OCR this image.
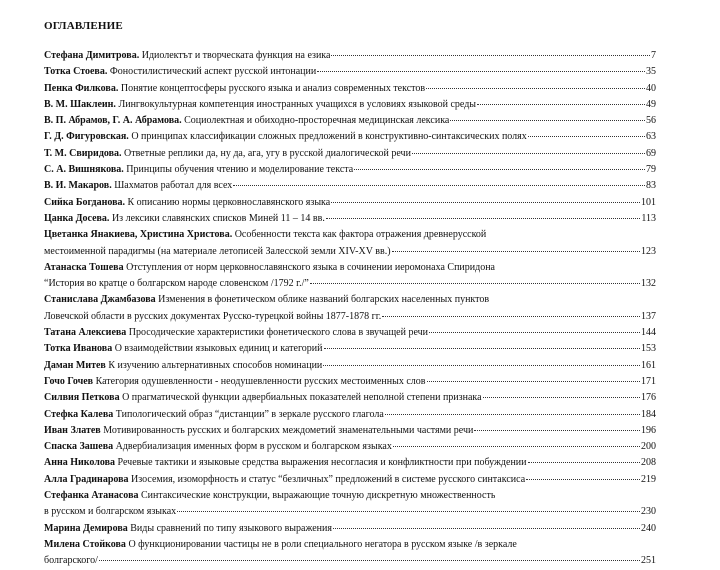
ОГЛАВЛЕНИЕ
Стефана Димитрова. Идиолектът и творческата функция на езика	7
Тотка Стоева. Фоностилистический аспект русской интонации	35
Пенка Филкова. Понятие концептосферы русского языка и анализ современных текстов	40
В. М. Шаклеин. Лингвокультурная компетенция иностранных учащихся в условиях языковой среды	49
В. П. Абрамов, Г. А. Абрамова. Социолектная и обиходно-просторечная медицинская лексика	56
Г. Д. Фигуровская. О принципах классификации сложных предложений в конструктивно-синтаксических полях	63
Т. М. Свиридова. Ответные реплики да, ну да, ага, угу в русской диалогической речи	69
С. А. Вишнякова. Принципы обучения чтению и моделирование текста	79
В. И. Макаров. Шахматов работал для всех	83
Сийка Богданова. К описанию нормы церковнославянского языка	101
Цанка Досева. Из лексики славянских списков Миней 11 – 14 вв.	113
Цветанка Янакиева, Христина Христова. Особенности текста как фактора отражения древнерусской
местоименной парадигмы (на материале летописей Залесской земли XIV-XV вв.)	123
Атанаска Тошева Отступления от норм церковнославянского языка в сочинении иеромонаха Спиридона
“История во кратце о болгарском народе словенском /1792 г./”	132
Станислава Джамбазова Изменения в фонетическом облике названий болгарских населенных пунктов
Ловечской области в русских документах Русско-турецкой войны 1877-1878 гг.	137
Татана Алексиева Просодические характеристики фонетического слова в звучащей речи	144
Тотка Иванова О взаимодействии языковых единиц и категорий	153
Даман Митев К изучению альтернативных способов номинации	161
Гочо Гочев Категория одушевленности - неодушевленности русских местоименных слов	171
Силвия Петкова О прагматической функции адвербиальных показателей неполной степени признака	176
Стефка Калева Типологический образ “дистанции” в зеркале русского глагола	184
Иван Златев Мотивированность русских и болгарских междометий знаменательными частями речи	196
Спаска Зашева Адвербиализация именных форм в русском и болгарском языках	200
Анна Николова Речевые тактики и языковые средства выражения несогласия и конфликтности при побуждении	208
Алла Градинарова Изосемия, изоморфность и статус “безличных” предложений в системе русского синтаксиса	219
Стефанка Атанасова Синтаксические конструкции, выражающие точную дискретную множественность
в русском и болгарском языках	230
Марина Демирова Виды сравнений по типу языкового выражения	240
Милена Стойкова О функционировании частицы не в роли специального негатора в русском языке /в зеркале
болгарского/	251
